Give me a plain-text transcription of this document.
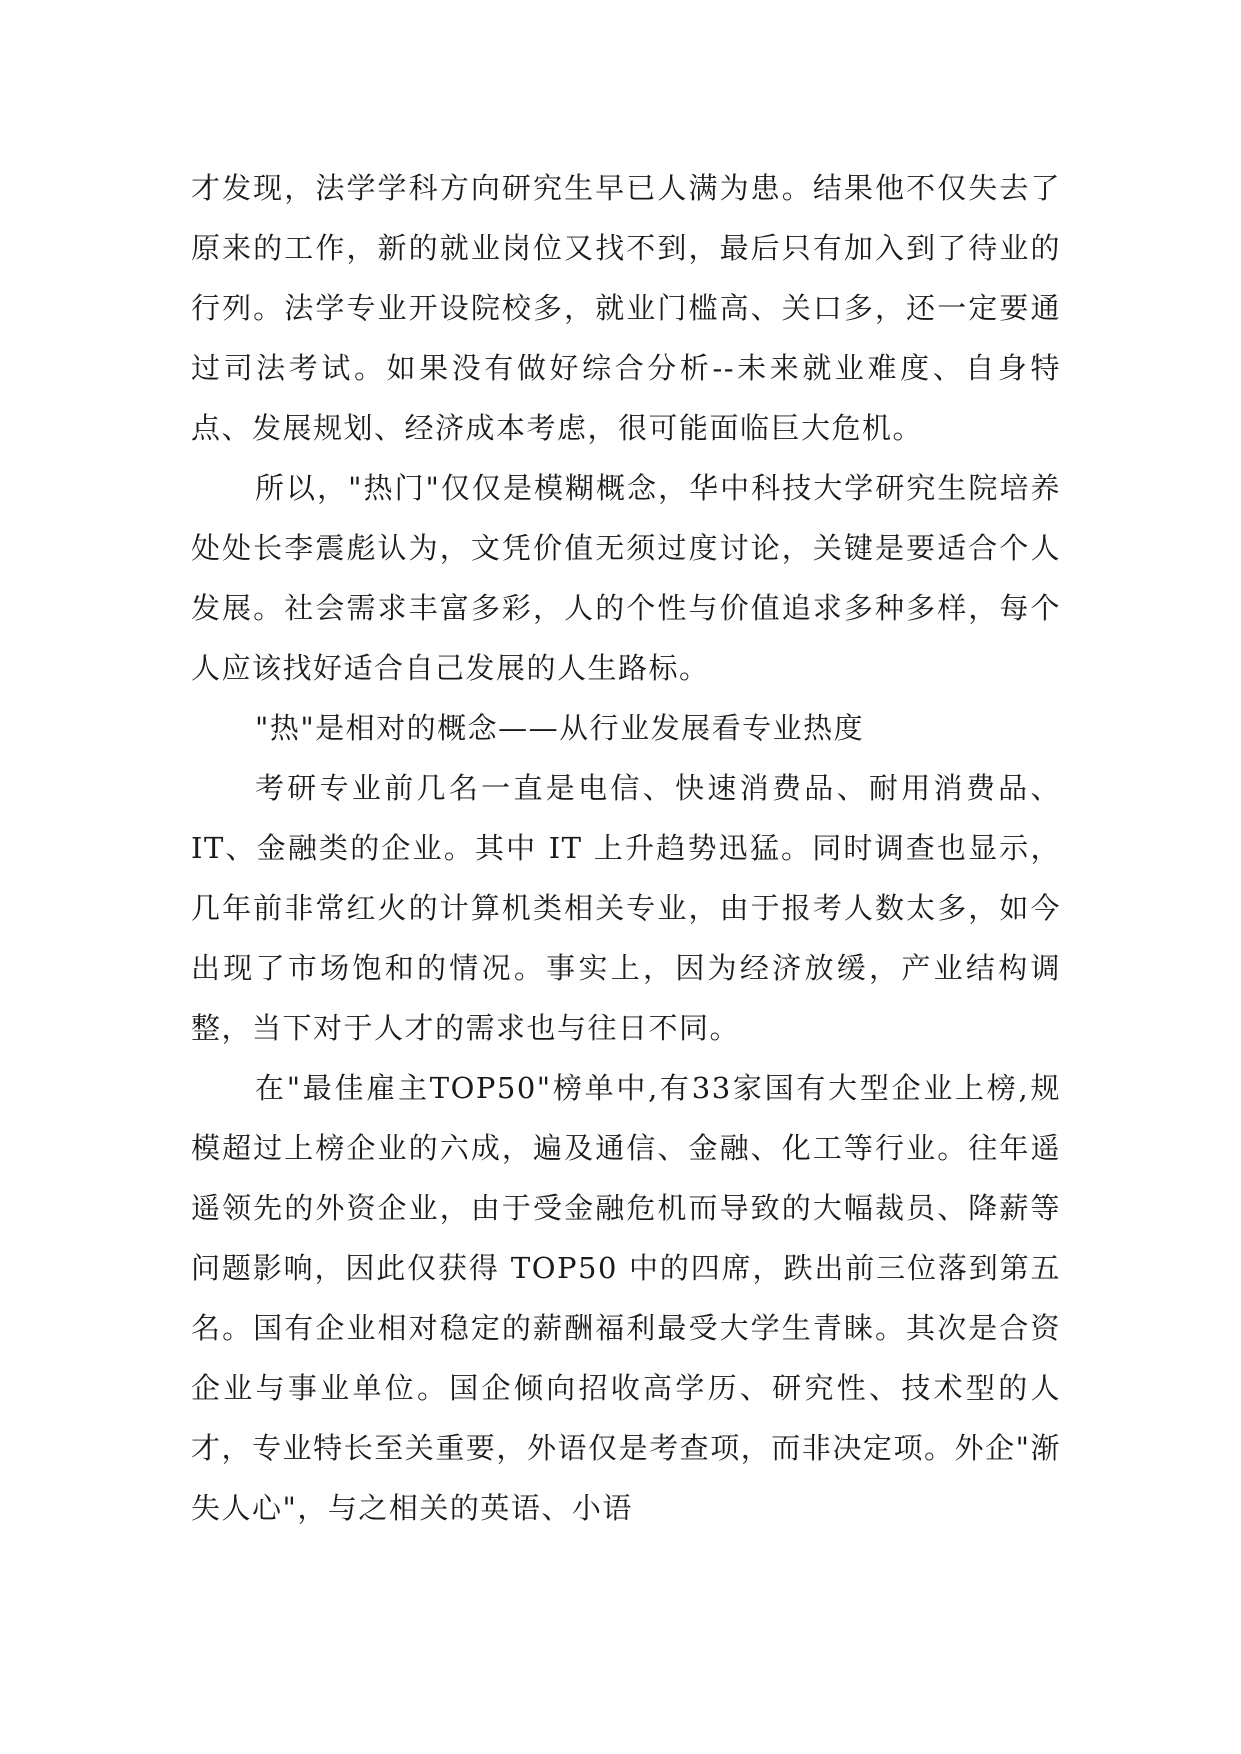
才发现，法学学科方向研究生早已人满为患。结果他不仅失去了原来的工作，新的就业岗位又找不到，最后只有加入到了待业的行列。法学专业开设院校多，就业门槛高、关口多，还一定要通过司法考试。如果没有做好综合分析--未来就业难度、自身特点、发展规划、经济成本考虑，很可能面临巨大危机。

所以，"热门"仅仅是模糊概念，华中科技大学研究生院培养处处长李震彪认为，文凭价值无须过度讨论，关键是要适合个人发展。社会需求丰富多彩，人的个性与价值追求多种多样，每个人应该找好适合自己发展的人生路标。

"热"是相对的概念——从行业发展看专业热度

考研专业前几名一直是电信、快速消费品、耐用消费品、IT、金融类的企业。其中 IT 上升趋势迅猛。同时调查也显示，几年前非常红火的计算机类相关专业，由于报考人数太多，如今出现了市场饱和的情况。事实上，因为经济放缓，产业结构调整，当下对于人才的需求也与往日不同。

在"最佳雇主TOP50"榜单中,有33家国有大型企业上榜,规模超过上榜企业的六成，遍及通信、金融、化工等行业。往年遥遥领先的外资企业，由于受金融危机而导致的大幅裁员、降薪等问题影响，因此仅获得 TOP50 中的四席，跌出前三位落到第五名。国有企业相对稳定的薪酬福利最受大学生青睐。其次是合资企业与事业单位。国企倾向招收高学历、研究性、技术型的人才，专业特长至关重要，外语仅是考查项，而非决定项。外企"渐失人心"，与之相关的英语、小语
